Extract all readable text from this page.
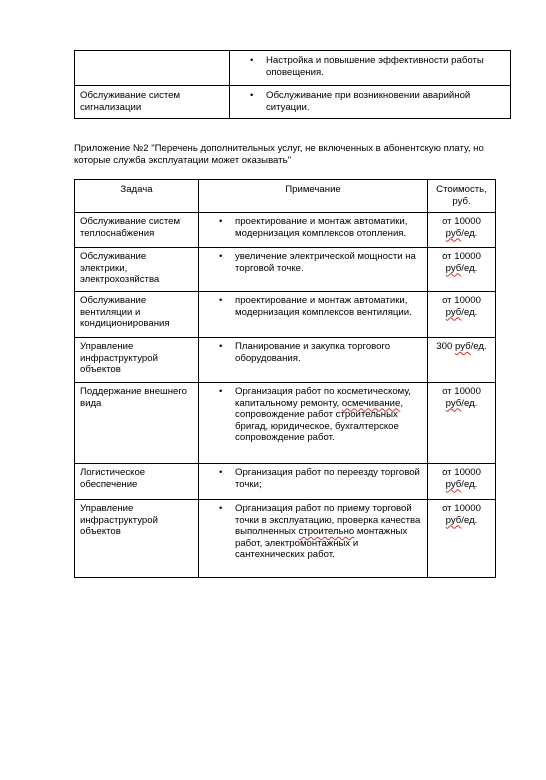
	• Настройка и повышение эффективности работы оповещения.

Обслуживание систем сигнализации	• Обслуживание при возникновении аварийной ситуации.
Приложение №2 "Перечень дополнительных услуг, не включенных в абонентскую плату, но которые служба эксплуатации может оказывать"
Задача	Примечание	Стоимость, руб.

Обслуживание систем теплоснабжения	• проектирование и монтаж автоматики, модернизация комплексов отопления.	от 10000
руб/ед.

Обслуживание электрики, электрохозяйства	• увеличение электрической мощности на торговой точке.	от 10000
руб/ед.

Обслуживание вентиляции и кондиционирования	• проектирование и монтаж автоматики, модернизация комплексов вентиляции.	от 10000
руб/ед.

Управление инфраструктурой объектов	• Планирование и закупка торгового оборудования.	300 руб/ед.

Поддержание внешнего вида	• Организация работ по косметическому, капитальному ремонту, осмечивание, сопровождение работ строительных бригад, юридическое, бухгалтерское сопровождение работ.	от 10000
руб/ед.

Логистическое обеспечение	• Организация работ по переезду торговой точки;	от 10000
руб/ед.

Управление инфраструктурой объектов	• Организация работ по приему торговой точки в эксплуатацию, проверка качества выполненных строительно монтажных работ, электромонтажных и сантехнических работ.	от 10000
руб/ед.
